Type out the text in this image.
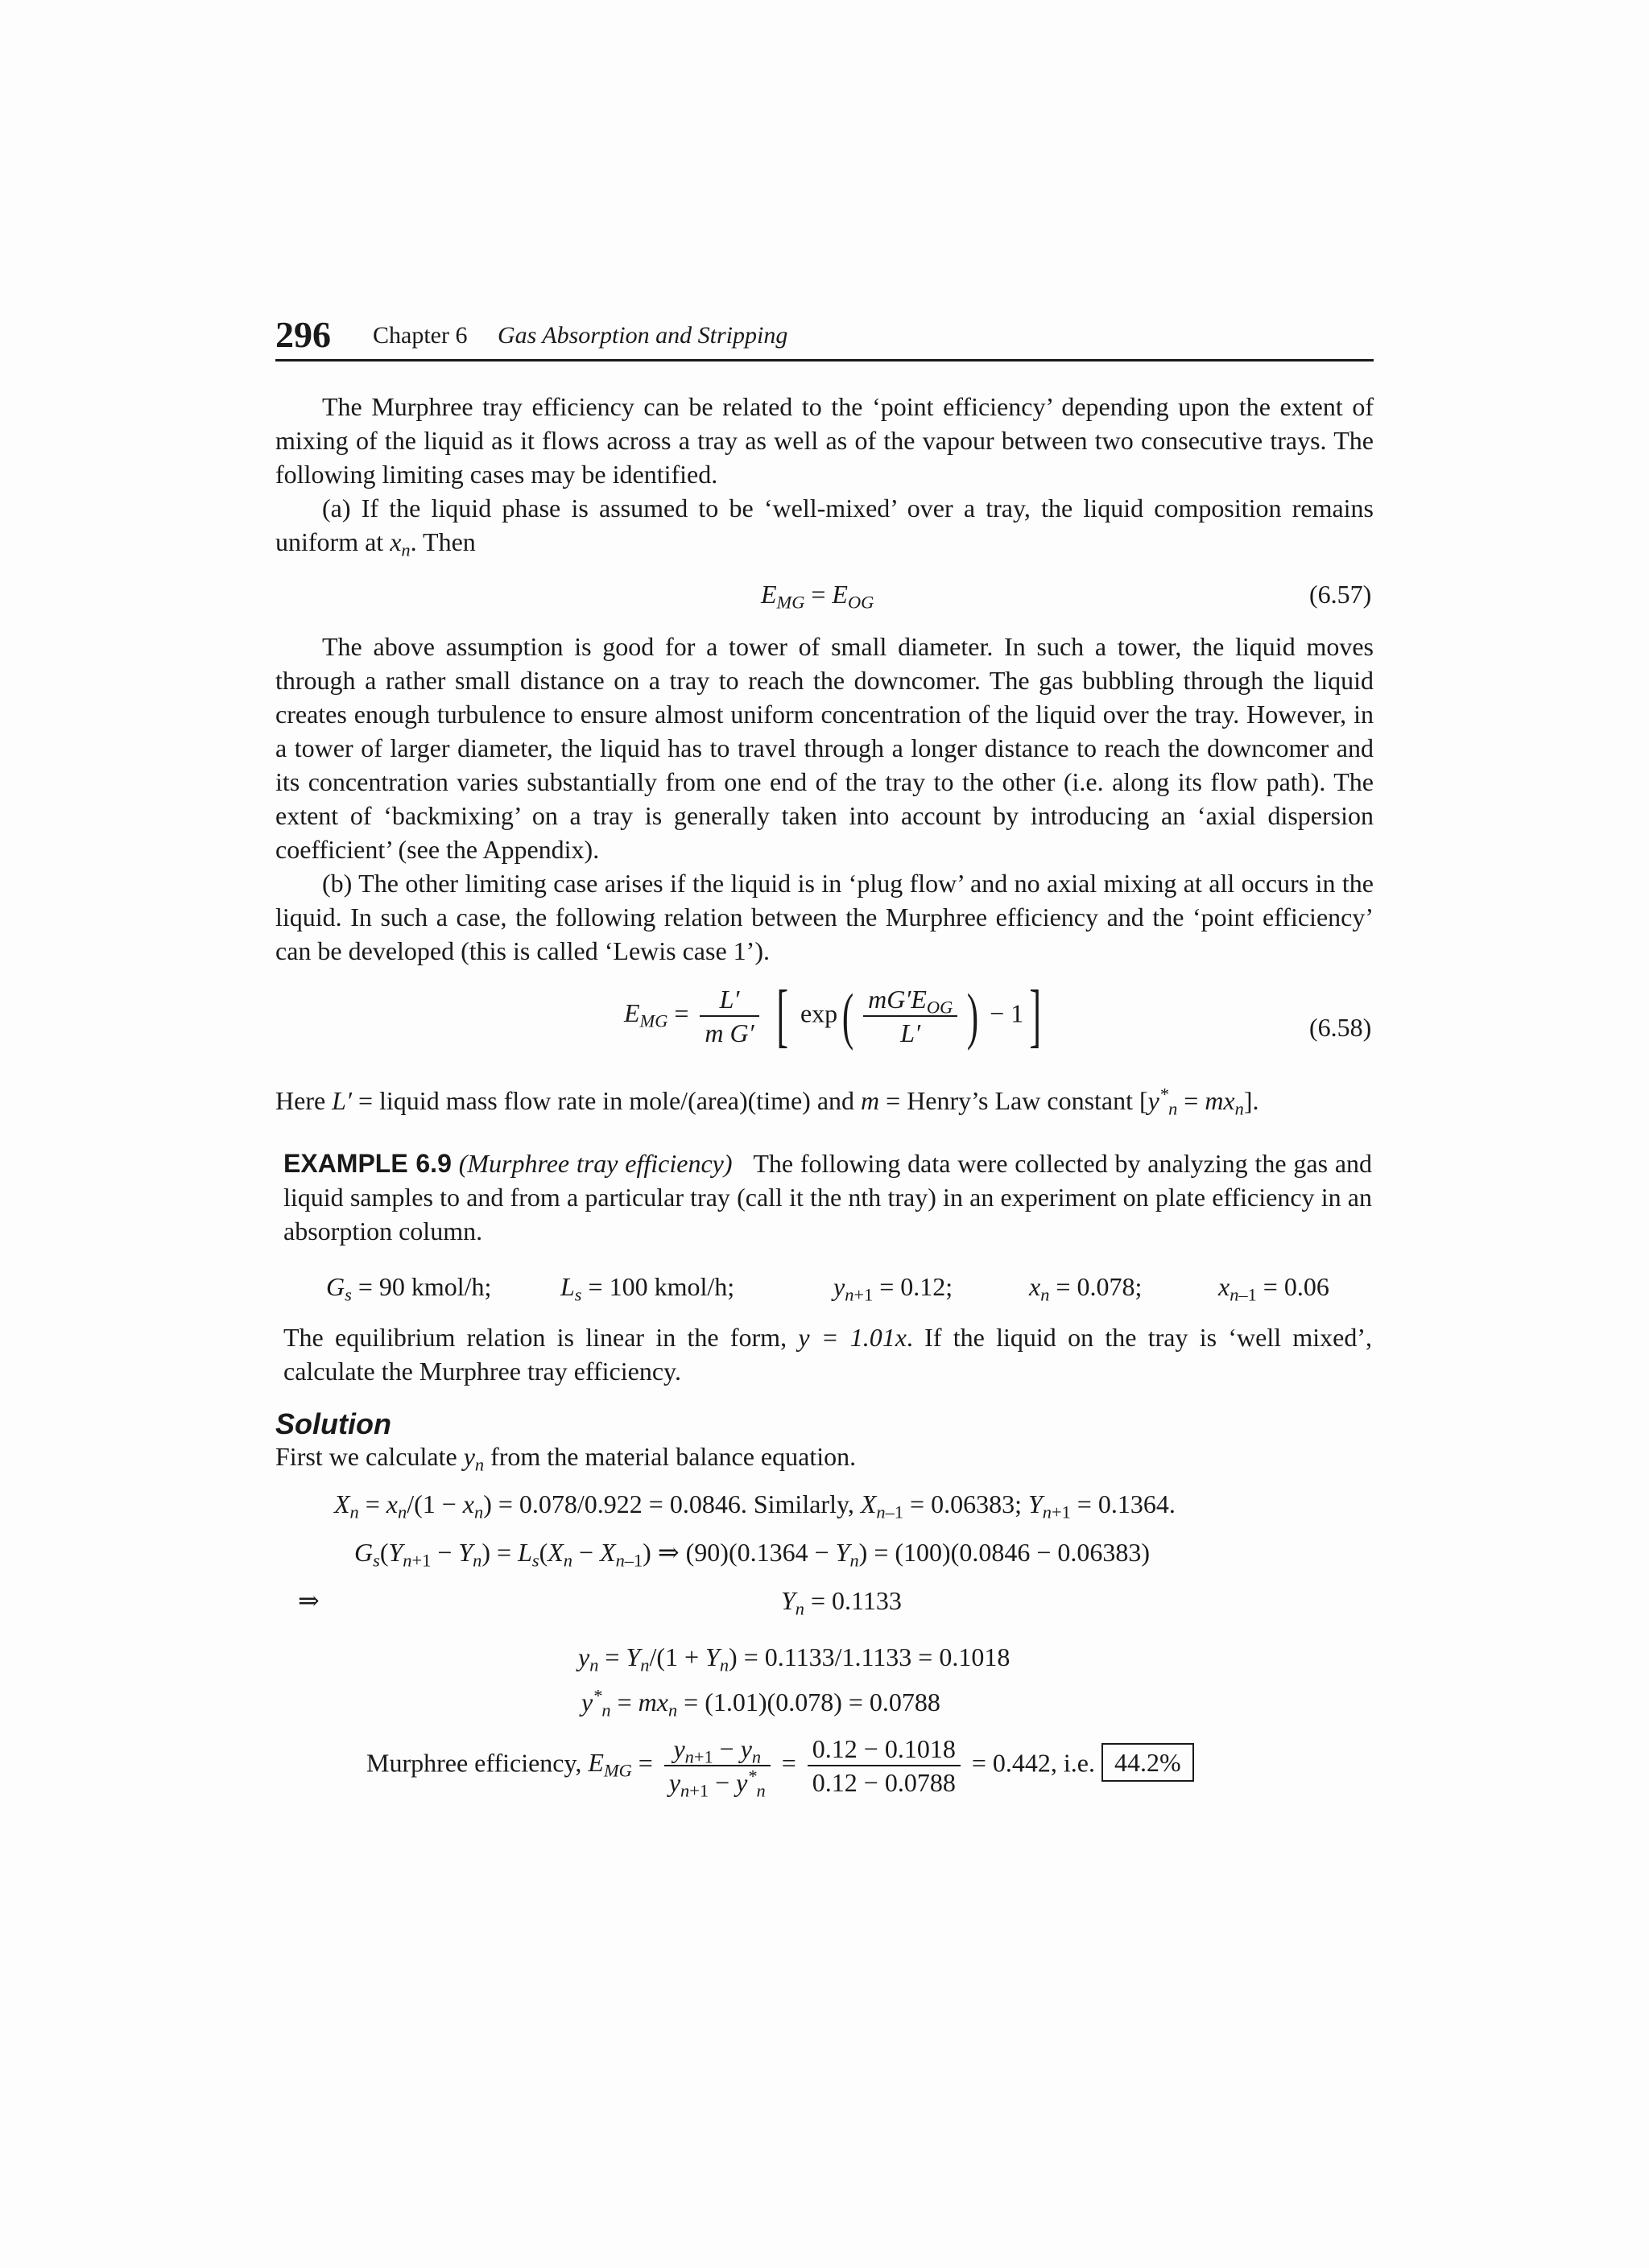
296 Chapter 6 Gas Absorption and Stripping
The Murphree tray efficiency can be related to the ‘point efficiency’ depending upon the extent of mixing of the liquid as it flows across a tray as well as of the vapour between two consecutive trays. The following limiting cases may be identified.
(a) If the liquid phase is assumed to be ‘well-mixed’ over a tray, the liquid composition remains uniform at $x_n$. Then
$E_{MG} = E_{OG}$	(6.57)
The above assumption is good for a tower of small diameter. In such a tower, the liquid moves through a rather small distance on a tray to reach the downcomer. The gas bubbling through the liquid creates enough turbulence to ensure almost uniform concentration of the liquid over the tray. However, in a tower of larger diameter, the liquid has to travel through a longer distance to reach the downcomer and its concentration varies substantially from one end of the tray to the other (i.e. along its flow path). The extent of ‘backmixing’ on a tray is generally taken into account by introducing an ‘axial dispersion coefficient’ (see the Appendix).
(b) The other limiting case arises if the liquid is in ‘plug flow’ and no axial mixing at all occurs in the liquid. In such a case, the following relation between the Murphree efficiency and the ‘point efficiency’ can be developed (this is called ‘Lewis case 1’).
$E_{MG} = \frac{L'}{\text{m G′}}$ [ $\exp( \frac{mG'E_{OG}}{L'}$ ) − 1]	(6.58)
Here L′ = liquid mass flow rate in mole/(area)(time) and m = Henry’s Law constant $[y^*_n = mx_n]$.
EXAMPLE 6.9 (Murphree tray efficiency) The following data were collected by analyzing the gas and liquid samples to and from a particular tray (call it the nth tray) in an experiment on plate efficiency in an absorption column.
$G_s = 90$ kmol/h;	$L_s = 100$ kmol/h;	$y_{n+1} = 0.12$;	$x_n = 0.078$;	$x_{n-1} = 0.06$
The equilibrium relation is linear in the form, y = 1.01x. If the liquid on the tray is ‘well mixed’, calculate the Murphree tray efficiency.
Solution
First we calculate $y_n$ from the material balance equation.
$X_n = x_n/(1 - x_n) = 0.078/0.922 = 0.0846$. Similarly, $X_{n-1} = 0.06383$; $Y_{n+1} = 0.1364$.
$G_s(Y_{n+1} - Y_n) = L_s(X_n - X_{n-1})$ ⇒ $(90)(0.1364 - Y_n) = (100)(0.0846 - 0.06383)$
⇒	$Y_n = 0.1133$
$y_n = Y_n/(1 + Y_n) = 0.1133/1.1133 = 0.1018$
$y^*_n = mx_n = (1.01)(0.078) = 0.0788$
Murphree efficiency, $E_{MG} = \frac{y_{n+1} - y_n}{y_{n+1} - y^*_n} = \frac{0.12 - 0.1018}{0.12 - 0.0788} = 0.442$, i.e. 44.2%
